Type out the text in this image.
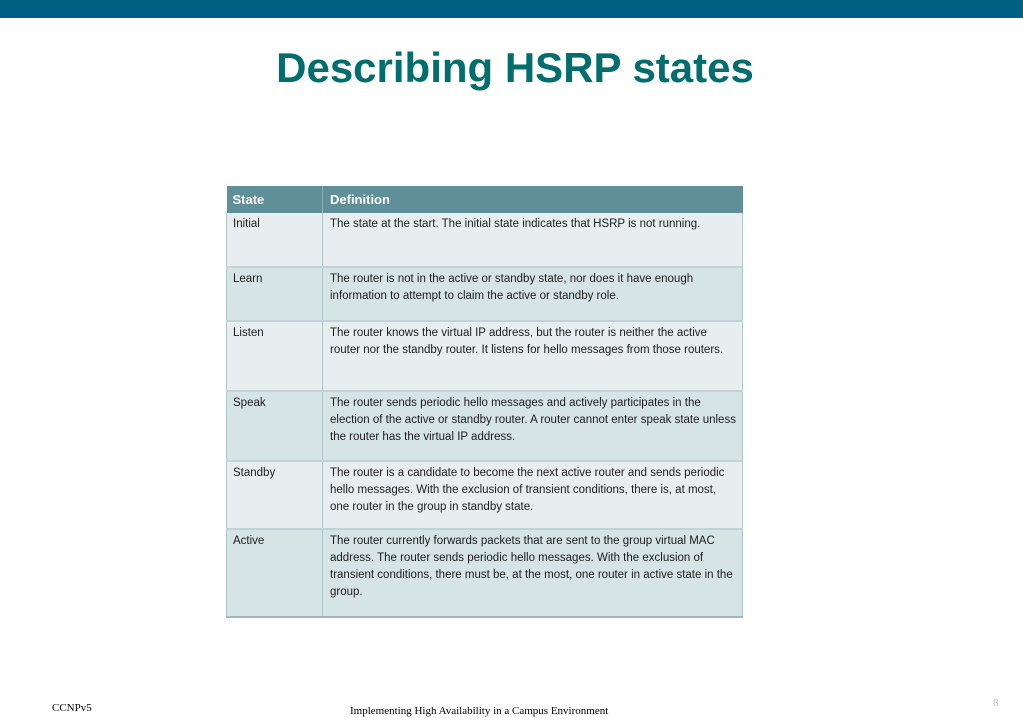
Describing HSRP states
State	Definition
Initial	The state at the start. The initial state indicates that HSRP is not running.
Learn	The router is not in the active or standby state, nor does it have enough information to attempt to claim the active or standby role.
Listen	The router knows the virtual IP address, but the router is neither the active router nor the standby router. It listens for hello messages from those routers.
Speak	The router sends periodic hello messages and actively participates in the election of the active or standby router. A router cannot enter speak state unless the router has the virtual IP address.
Standby	The router is a candidate to become the next active router and sends periodic hello messages. With the exclusion of transient conditions, there is, at most, one router in the group in standby state.
Active	The router currently forwards packets that are sent to the group virtual MAC address. The router sends periodic hello messages. With the exclusion of transient conditions, there must be, at the most, one router in active state in the group.
CCNPv5	Implementing High Availability in a Campus Environment
8
